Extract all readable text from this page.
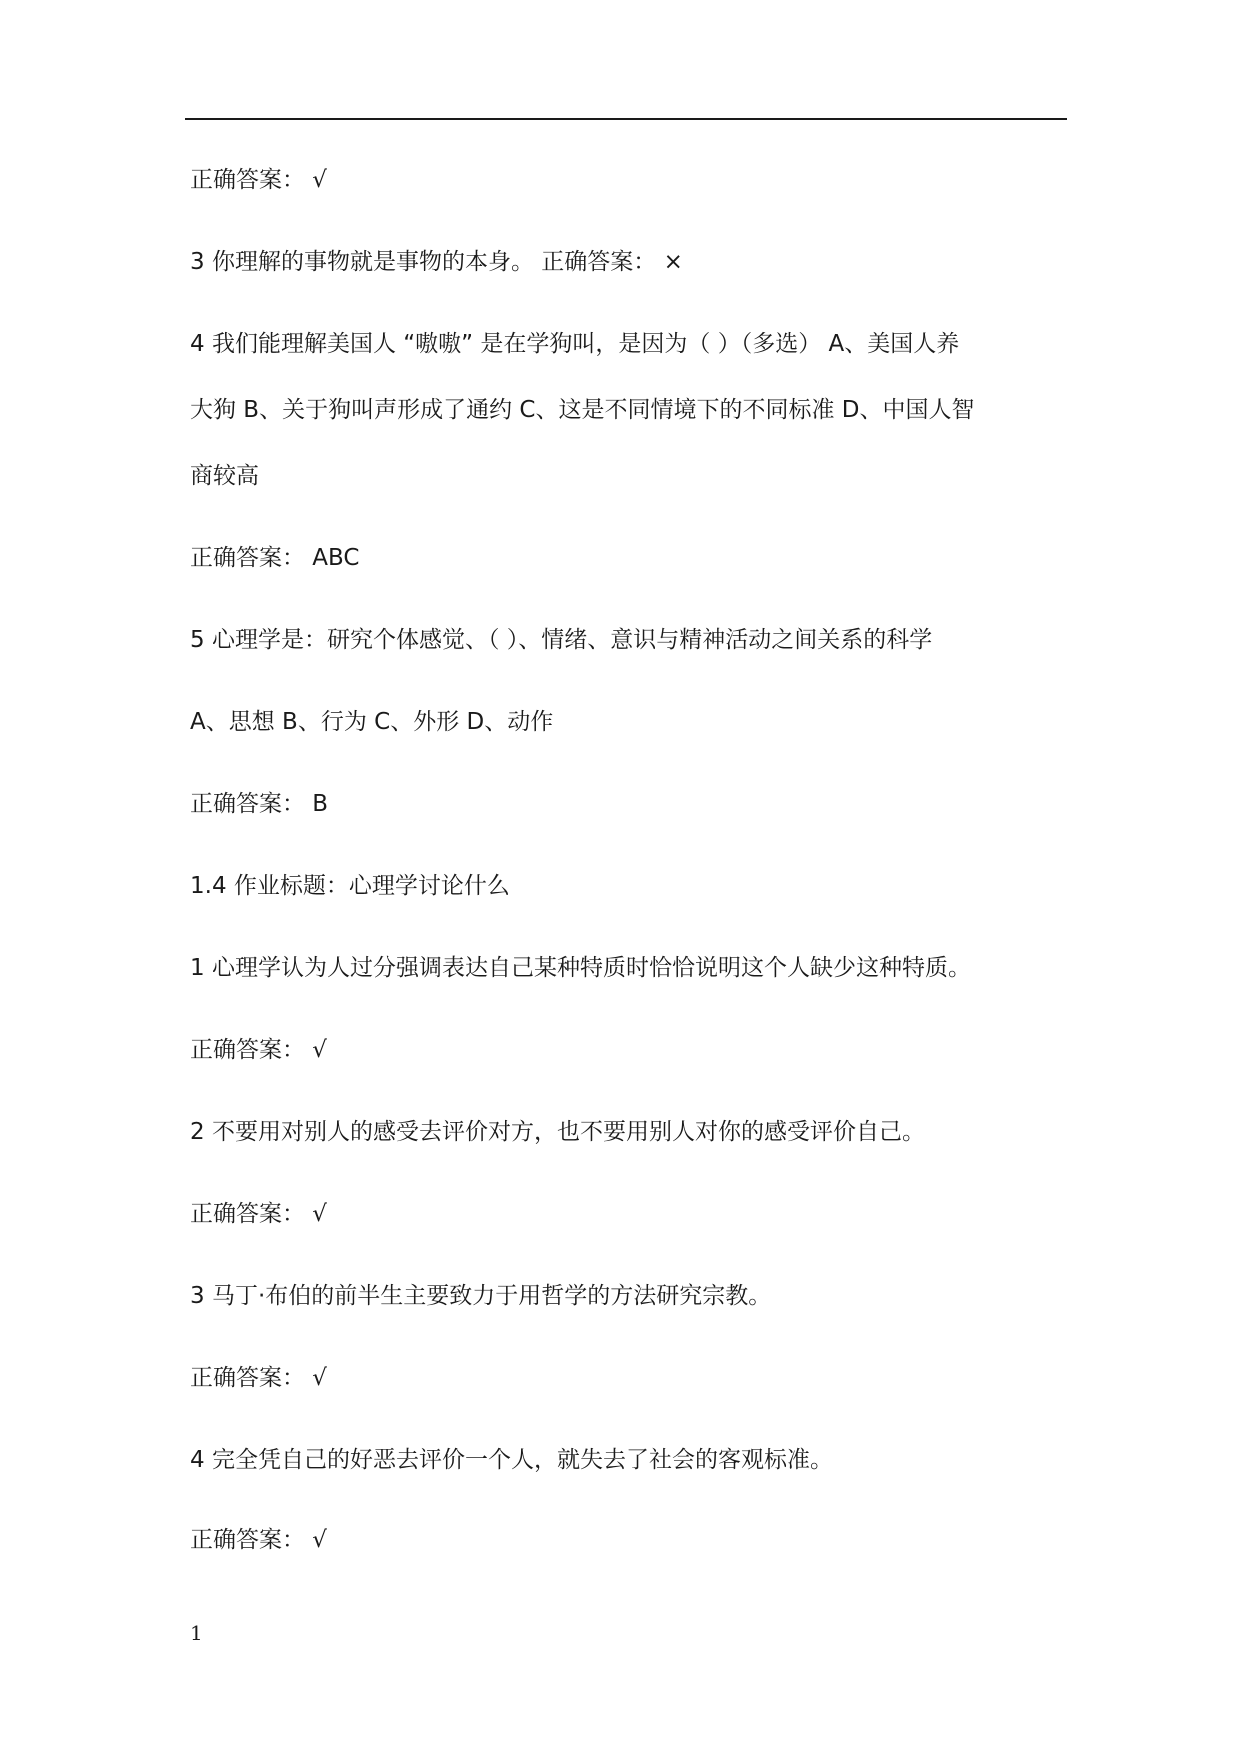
正确答案： √
3 你理解的事物就是事物的本身。 正确答案： ×
4 我们能理解美国人 “嗷嗷” 是在学狗叫，是因为（ ）（多选） A、美国人养
大狗 B、关于狗叫声形成了通约 C、这是不同情境下的不同标准 D、中国人智
商较高
正确答案： ABC
5 心理学是：研究个体感觉、（ ）、情绪、意识与精神活动之间关系的科学
A、思想 B、行为 C、外形 D、动作
正确答案： B
1.4 作业标题：心理学讨论什么
1 心理学认为人过分强调表达自己某种特质时恰恰说明这个人缺少这种特质。
正确答案： √
2 不要用对别人的感受去评价对方，也不要用别人对你的感受评价自己。
正确答案： √
3 马丁·布伯的前半生主要致力于用哲学的方法研究宗教。
正确答案： √
4 完全凭自己的好恶去评价一个人，就失去了社会的客观标准。
正确答案： √
1
